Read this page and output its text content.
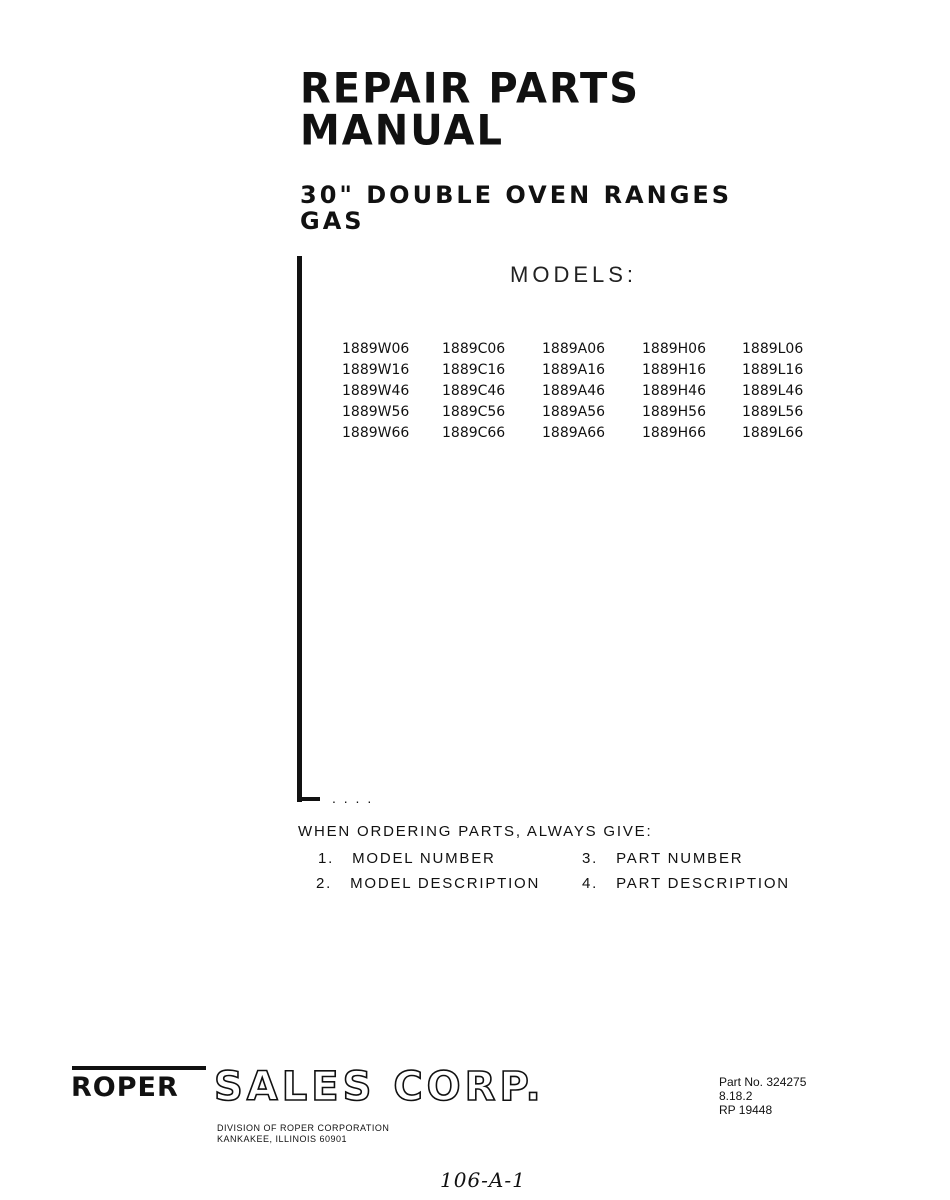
REPAIR PARTS
MANUAL
30" DOUBLE OVEN RANGES
GAS
. . . .
MODELS:
1889W06	1889C06	1889A06	1889H06	1889L06
1889W16	1889C16	1889A16	1889H16	1889L16
1889W46	1889C46	1889A46	1889H46	1889L46
1889W56	1889C56	1889A56	1889H56	1889L56
1889W66	1889C66	1889A66	1889H66	1889L66
WHEN ORDERING PARTS, ALWAYS GIVE:
1. MODEL NUMBER
2. MODEL DESCRIPTION
3. PART NUMBER
4. PART DESCRIPTION
ROPER SALES CORP.
DIVISION OF ROPER CORPORATION
KANKAKEE, ILLINOIS 60901
Part No. 324275
8.18.2
RP 19448
106-A-1
